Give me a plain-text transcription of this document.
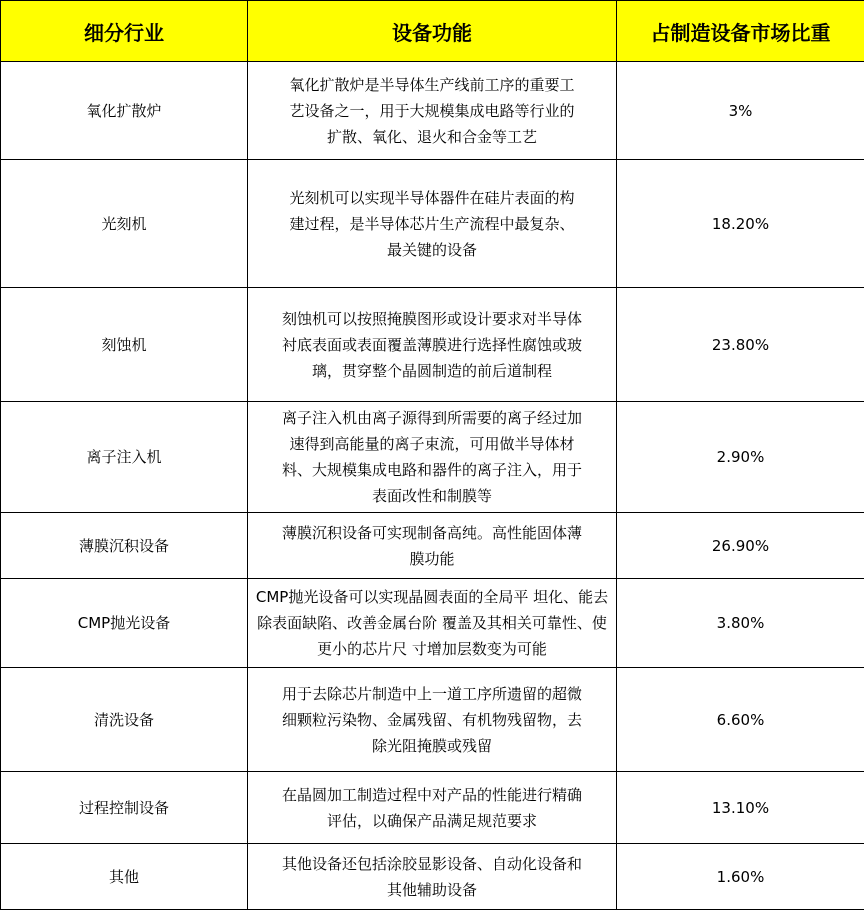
细分行业	设备功能	占制造设备市场比重
氧化扩散炉	氧化扩散炉是半导体生产线前工序的重要工艺设备之一，用于大规模集成电路等行业的扩散、氧化、退火和合金等工艺	3%
光刻机	光刻机可以实现半导体器件在硅片表面的构建过程，是半导体芯片生产流程中最复杂、最关键的设备	18.20%
刻蚀机	刻蚀机可以按照掩膜图形或设计要求对半导体衬底表面或表面覆盖薄膜进行选择性腐蚀或玻璃，贯穿整个晶圆制造的前后道制程	23.80%
离子注入机	离子注入机由离子源得到所需要的离子经过加速得到高能量的离子束流，可用做半导体材料、大规模集成电路和器件的离子注入，用于表面改性和制膜等	2.90%
薄膜沉积设备	薄膜沉积设备可实现制备高纯。高性能固体薄膜功能	26.90%
CMP抛光设备	CMP抛光设备可以实现晶圆表面的全局平 坦化、能去除表面缺陷、改善金属台阶 覆盖及其相关可靠性、使更小的芯片尺 寸增加层数变为可能	3.80%
清洗设备	用于去除芯片制造中上一道工序所遗留的超微细颗粒污染物、金属残留、有机物残留物，去除光阻掩膜或残留	6.60%
过程控制设备	在晶圆加工制造过程中对产品的性能进行精确评估，以确保产品满足规范要求	13.10%
其他	其他设备还包括涂胶显影设备、自动化设备和其他辅助设备	1.60%
